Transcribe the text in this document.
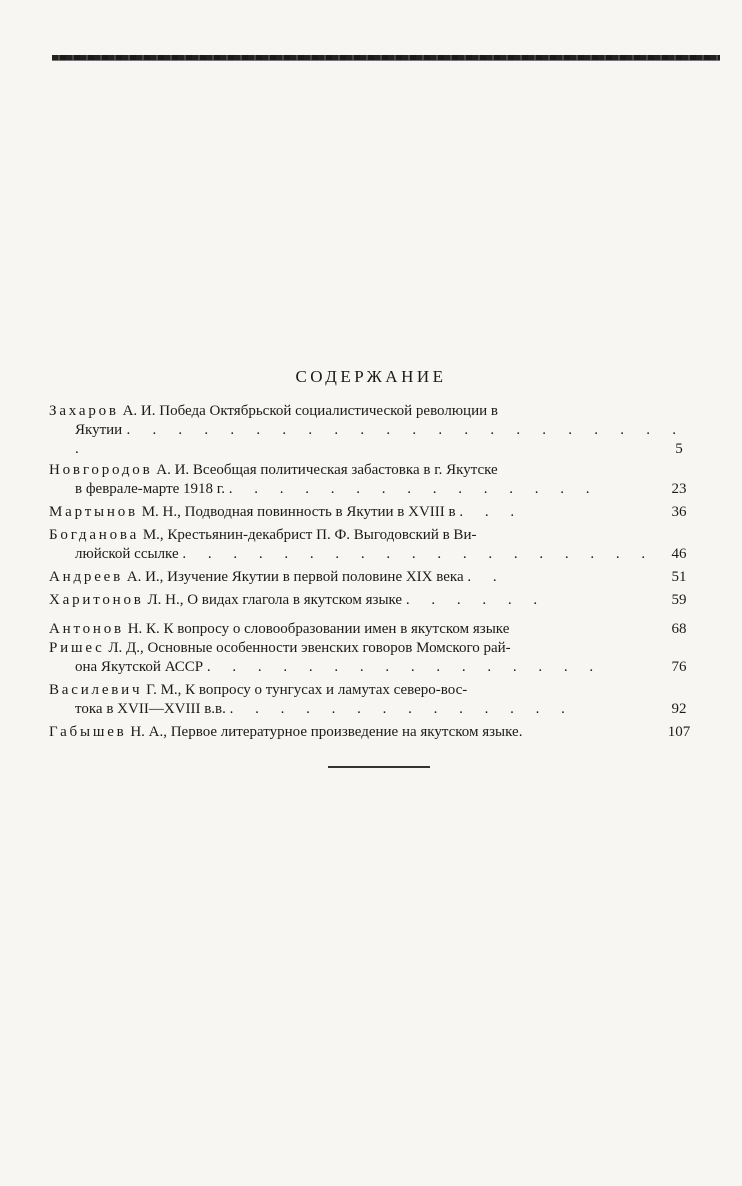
СОДЕРЖАНИЕ
Захаров А. И. Победа Октябрьской социалистической революции в
Якутии . . . . . . . . . . . . . . . . . . . . . . .	5
Новгородов А. И. Всеобщая политическая забастовка в г. Якутске
в феврале-марте 1918 г. . . . . . . . . . . . . . . .	23
Мартынов М. Н., Подводная повинность в Якутии в XVIII в . . .	36
Богданова М., Крестьянин-декабрист П. Ф. Выгодовский в Ви-
люйской ссылке . . . . . . . . . . . . . . . . . . .	46
Андреев А. И., Изучение Якутии в первой половине XIX века . .	51
Харитонов Л. Н., О видах глагола в якутском языке . . . . . .	59
Антонов Н. К. К вопросу о словообразовании имен в якутском языке	68
Ришес Л. Д., Основные особенности эвенских говоров Момского рай-
она Якутской АССР . . . . . . . . . . . . . . . .	76
Василевич Г. М., К вопросу о тунгусах и ламутах северо-вос-
тока в XVII—XVIII в.в. . . . . . . . . . . . . . .	92
Габышев Н. А., Первое литературное произведение на якутском языке.	107
